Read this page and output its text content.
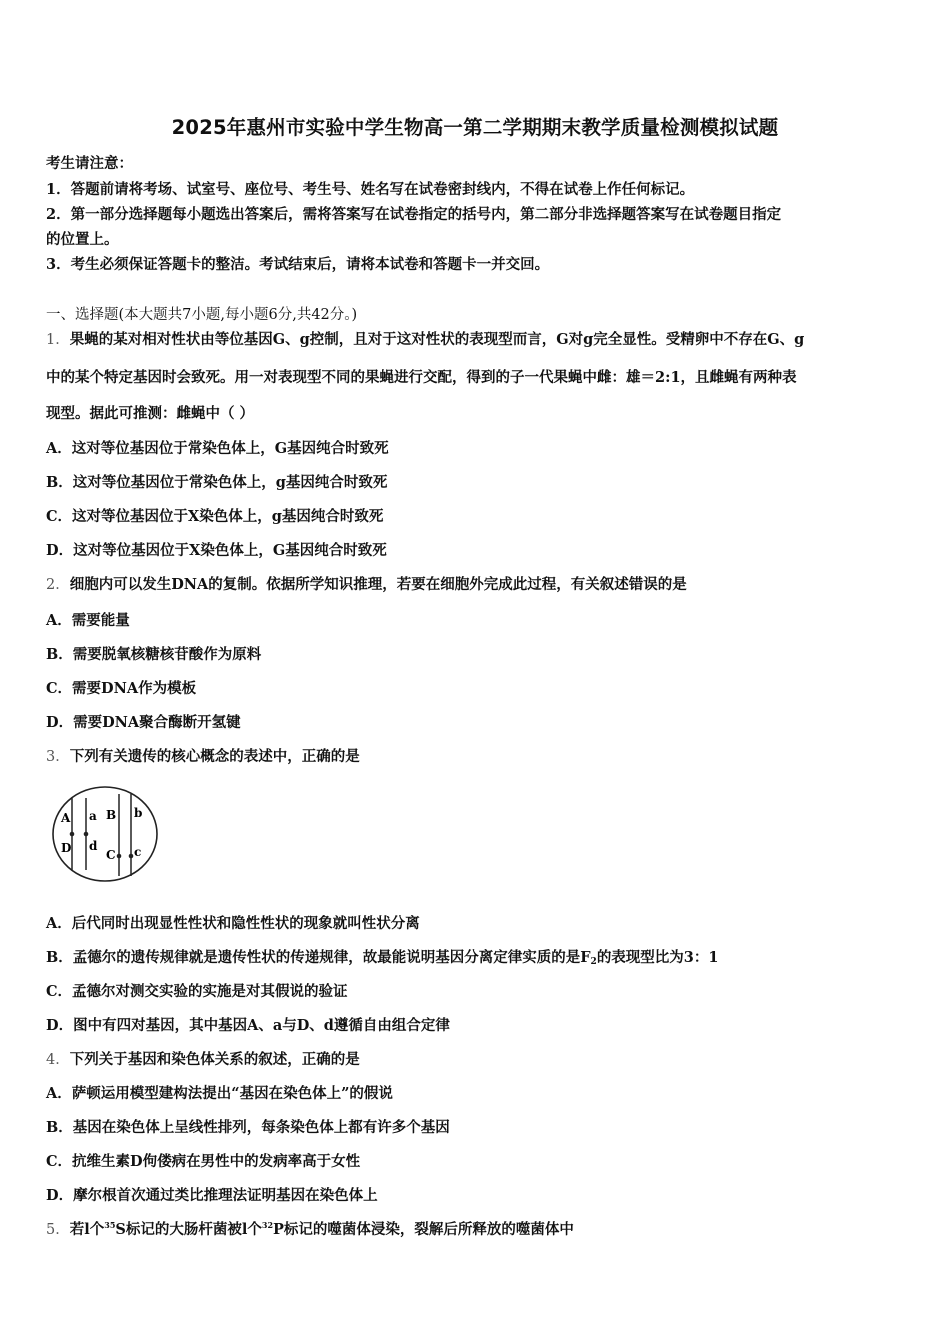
2025年惠州市实验中学生物高一第二学期期末教学质量检测模拟试题
考生请注意：
1．答题前请将考场、试室号、座位号、考生号、姓名写在试卷密封线内，不得在试卷上作任何标记。
2．第一部分选择题每小题选出答案后，需将答案写在试卷指定的括号内，第二部分非选择题答案写在试卷题目指定
的位置上。
3．考生必须保证答题卡的整洁。考试结束后，请将本试卷和答题卡一并交回。
一、选择题(本大题共7小题,每小题6分,共42分。)
1．果蝇的某对相对性状由等位基因G、g控制，且对于这对性状的表现型而言，G对g完全显性。受精卵中不存在G、g
中的某个特定基因时会致死。用一对表现型不同的果蝇进行交配，得到的子一代果蝇中雌：雄＝2:1，且雌蝇有两种表
现型。据此可推测：雌蝇中（ ）
A．这对等位基因位于常染色体上，G基因纯合时致死
B．这对等位基因位于常染色体上，g基因纯合时致死
C．这对等位基因位于X染色体上，g基因纯合时致死
D．这对等位基因位于X染色体上，G基因纯合时致死
2．细胞内可以发生DNA的复制。依据所学知识推理，若要在细胞外完成此过程，有关叙述错误的是
A．需要能量
B．需要脱氧核糖核苷酸作为原料
C．需要DNA作为模板
D．需要DNA聚合酶断开氢键
3．下列有关遗传的核心概念的表述中，正确的是
A a B b
D d
C c
A．后代同时出现显性性状和隐性性状的现象就叫性状分离
B．孟德尔的遗传规律就是遗传性状的传递规律，故最能说明基因分离定律实质的是$F_2$的表现型比为3：1
C．孟德尔对测交实验的实施是对其假说的验证
D．图中有四对基因，其中基因A、a与D、d遵循自由组合定律
4．下列关于基因和染色体关系的叙述，正确的是
A．萨顿运用模型建构法提出“基因在染色体上”的假说
B．基因在染色体上呈线性排列，每条染色体上都有许多个基因
C．抗维生素D佝偻病在男性中的发病率高于女性
D．摩尔根首次通过类比推理法证明基因在染色体上
5．若l个$^{35}$S标记的大肠杆菌被l个$^{32}$P标记的噬菌体浸染，裂解后所释放的噬菌体中
